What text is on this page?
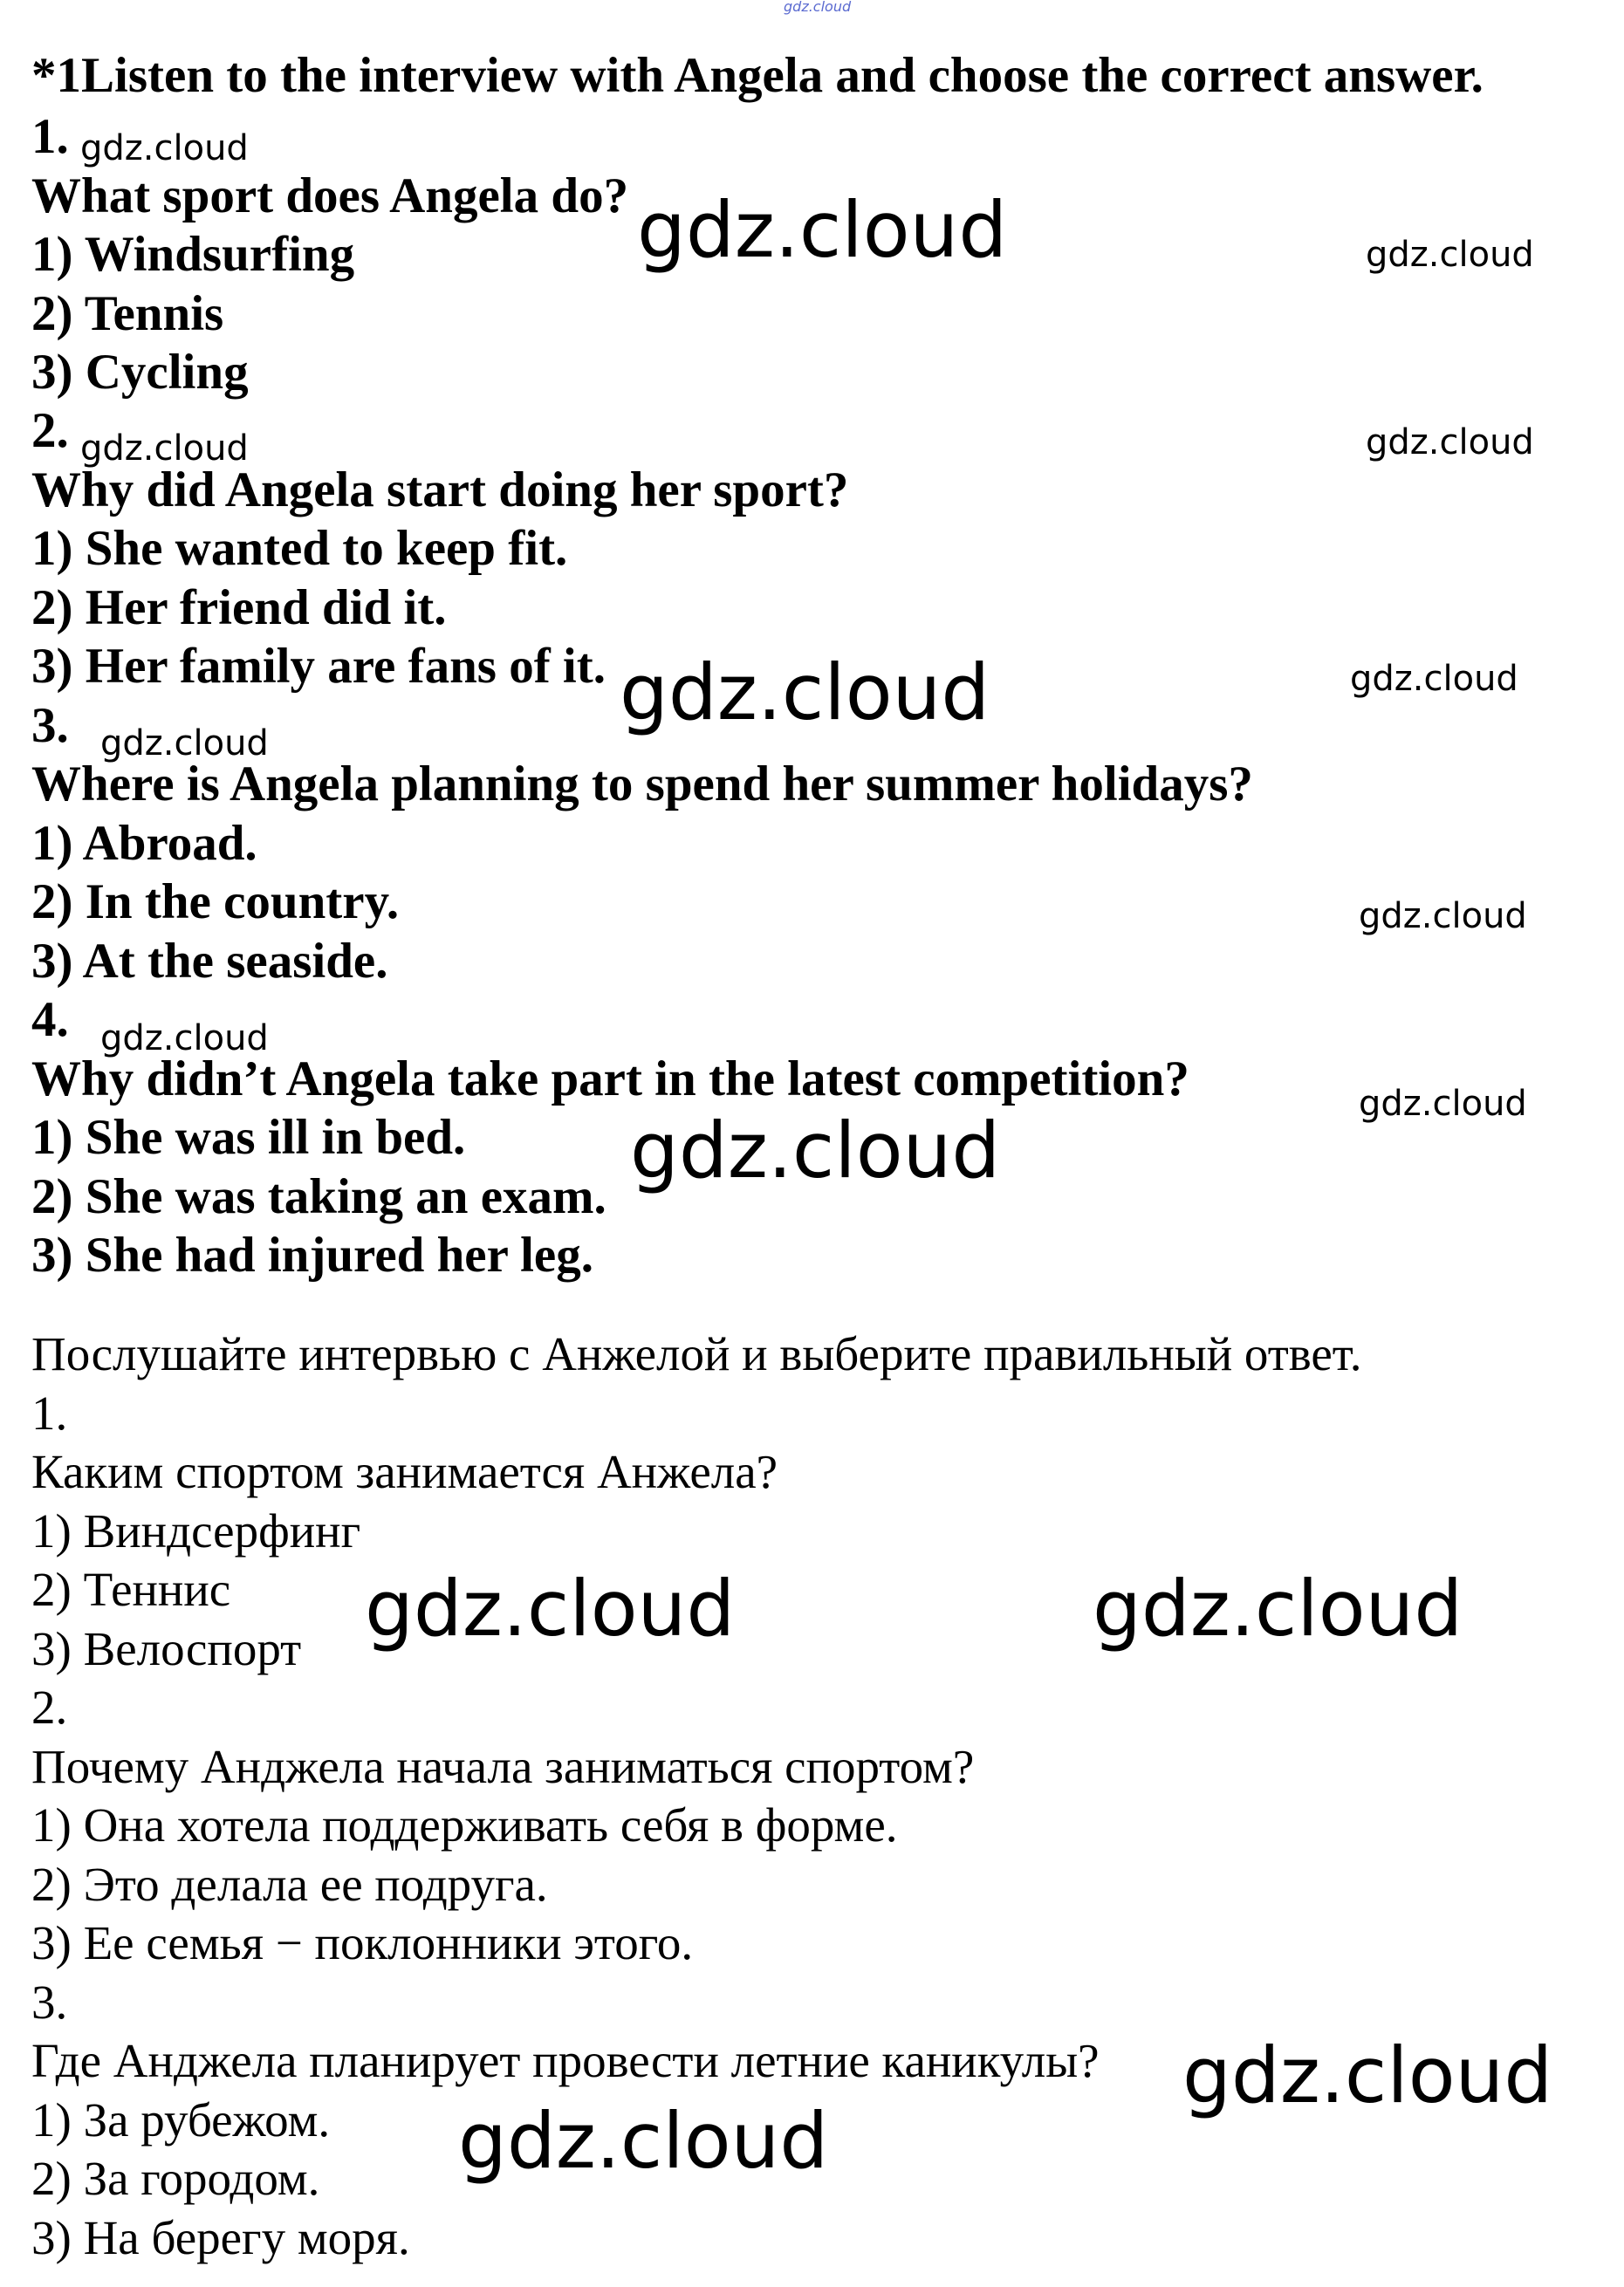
gdz.cloud
*1Listen to the interview with Angela and choose the correct answer.
1.
What sport does Angela do?
1) Windsurfing
2) Tennis
3) Cycling
2.
Why did Angela start doing her sport?
1) She wanted to keep fit.
2) Her friend did it.
3) Her family are fans of it.
3.
Where is Angela planning to spend her summer holidays?
1) Abroad.
2) In the country.
3) At the seaside.
4.
Why didn’t Angela take part in the latest competition?
1) She was ill in bed.
2) She was taking an exam.
3) She had injured her leg.
Послушайте интервью с Анжелой и выберите правильный ответ.
1.
Каким спортом занимается Анжела?
1) Виндсерфинг
2) Теннис
3) Велоспорт
2.
Почему Анджела начала заниматься спортом?
1) Она хотела поддерживать себя в форме.
2) Это делала ее подруга.
3) Ее семья − поклонники этого.
3.
Где Анджела планирует провести летние каникулы?
1) За рубежом.
2) За городом.
3) На берегу моря.
gdz.cloud
gdz.cloud	gdz.cloud
gdz.cloud	gdz.cloud
gdz.cloud	gdz.cloud
gdz.cloud
gdz.cloud
gdz.cloud
gdz.cloud
gdz.cloud
gdz.cloud	gdz.cloud
gdz.cloud
gdz.cloud
